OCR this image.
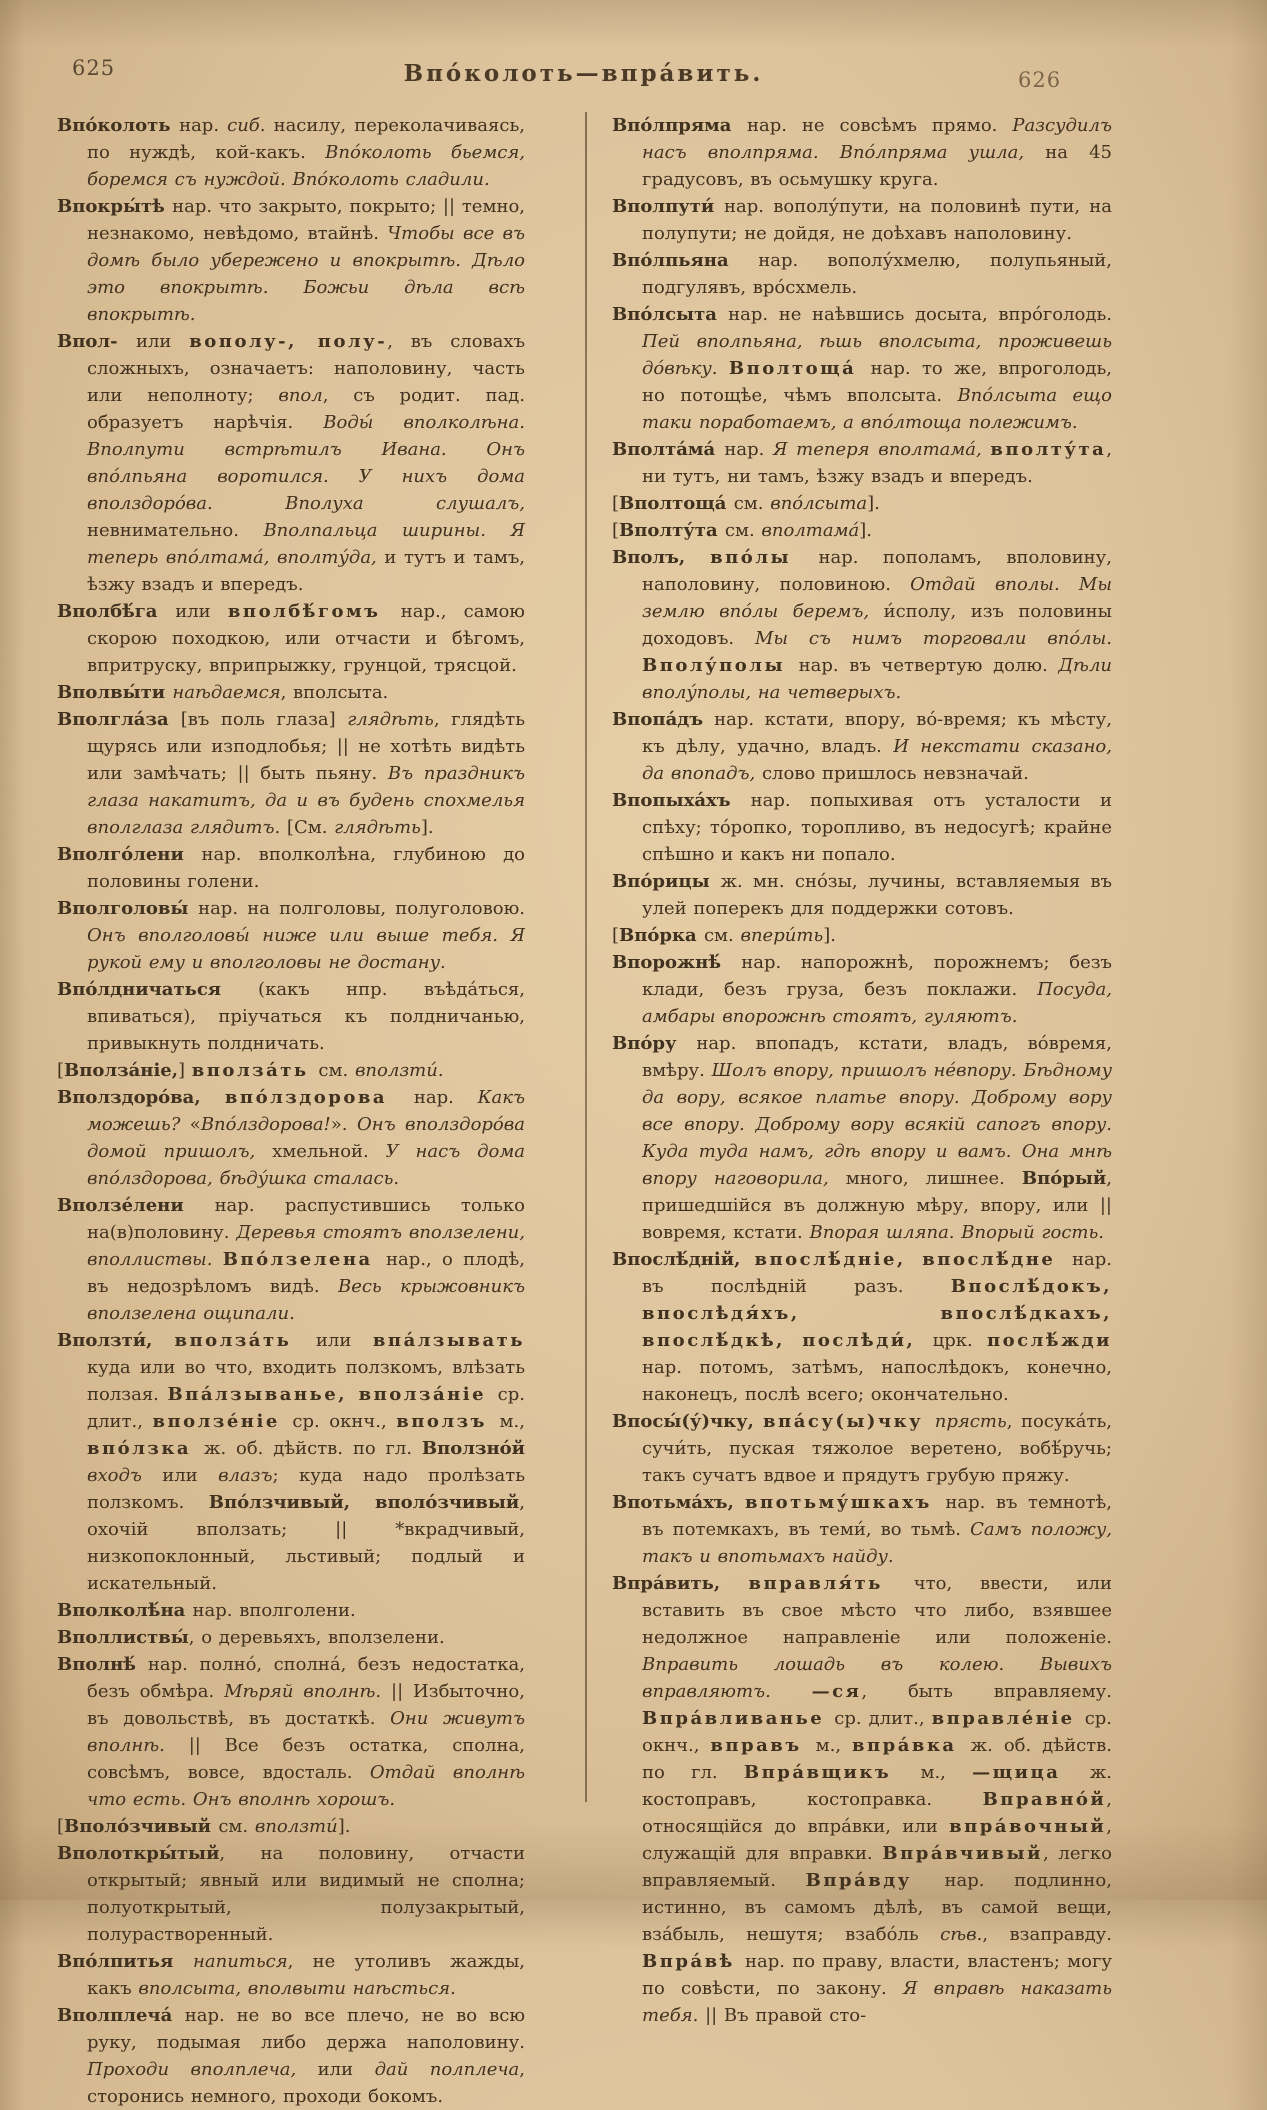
625	Впо́колоть—впра́вить.	626

Впо́колоть нар. сиб. насилу, переколачиваясь, по нуждѣ, кой-какъ. Впо́колоть бьемся, боремся съ нуждой. Впо́колоть сладили.

Впокры́тѣ нар. что закрыто, покрыто; || темно, незнакомо, невѣдомо, втайнѣ. Чтобы все въ домѣ было убережено и впокрытѣ. Дѣло это впокрытѣ. Божьи дѣла всѣ впокрытѣ.

Впол- или вополу-, полу-, въ словахъ сложныхъ, означаетъ: наполовину, часть или неполноту; впол, съ родит. пад. образуетъ нарѣчія. Воды́ вполколѣна. Вполпути встрѣтилъ Ивана. Онъ впо́лпьяна воротился. У нихъ дома вполздоро́ва. Вполуха слушалъ, невнимательно. Вполпальца ширины. Я теперь впо́лтама́, вполту́да, и тутъ и тамъ, ѣзжу взадъ и впередъ.

Вполбѣ́га или вполбѣ́гомъ нар., самою скорою походкою, или отчасти и бѣгомъ, впритруску, вприпрыжку, грунцой, трясцой.

Вполвы́ти наѣдаемся, вполсыта.

Вполгла́за [въ поль глаза] глядѣть, глядѣть щурясь или изподлобья; || не хотѣть видѣть или замѣчать; || быть пьяну. Въ праздникъ глаза накатитъ, да и въ будень спохмелья вполглаза глядитъ. [См. глядѣть].

Вполго́лени нар. вполколѣна, глубиною до половины голени.

Вполголовы́ нар. на полголовы, полуголовою. Онъ вполголовы́ ниже или выше тебя. Я рукой ему и вполголовы не достану.

Впо́лдничаться (какъ нпр. въѣда́ться, впиваться), пріучаться къ полдничанью, привыкнуть полдничать.

[Вполза́ніе,] вполза́ть см. вползти́.

Вполздоро́ва, впо́лздорова нар. Какъ можешь? «Впо́лздорова!». Онъ вполздоро́ва домой пришолъ, хмельной. У насъ дома впо́лздорова, бѣду́шка сталась.

Вползе́лени нар. распустившись только на(в)половину. Деревья стоятъ вползелени, вполлиствы. Впо́лзелена нар., о плодѣ, въ недозрѣломъ видѣ. Весь крыжовникъ вползелена ощипали.

Вползти́, вполза́ть или впа́лзывать куда или во что, входить ползкомъ, влѣзать ползая. Впа́лзыванье, вполза́ніе ср. длит., вползе́ніе ср. окнч., вползъ м., впо́лзка ж. об. дѣйств. по гл. Вползно́й входъ или влазъ; куда надо пролѣзать ползкомъ. Впо́лзчивый, вполо́зчивый, охочій вползать; || *вкрадчивый, низкопоклонный, льстивый; подлый и искательный.

Вполколѣ́на нар. вполголени.

Вполлиствы́, о деревьяхъ, вползелени.

Вполнѣ́ нар. полно́, сполна́, безъ недостатка, безъ обмѣра. Мѣряй вполнѣ. || Избыточно, въ довольствѣ, въ достаткѣ. Они живутъ вполнѣ. || Все безъ остатка, сполна, совсѣмъ, вовсе, вдосталь. Отдай вполнѣ что есть. Онъ вполнѣ хорошъ.

[Вполо́зчивый см. вползти́].

Вполоткры́тый, на половину, отчасти открытый; явный или видимый не сполна; полуоткрытый, полузакрытый, полурастворенный.

Впо́лпитья напиться, не утоливъ жажды, какъ вполсыта, вполвыти наѣсться.

Вполплеча́ нар. не во все плечо, не во всю руку, подымая либо держа наполовину. Проходи вполплеча, или дай полплеча, сторонись немного, проходи бокомъ.

Впо́лпряма нар. не совсѣмъ прямо. Разсудилъ насъ вполпряма. Впо́лпряма ушла, на 45 градусовъ, въ осьмушку круга.

Вполпути́ нар. вополу́пути, на половинѣ пути, на полупути; не дойдя, не доѣхавъ наполовину.

Впо́лпьяна нар. вополу́хмелю, полупьяный, подгулявъ, вро́схмель.

Впо́лсыта нар. не наѣвшись досыта, впро́голодь. Пей вполпьяна, ѣшь вполсыта, проживешь до́вѣку. Вполтоща́ нар. то же, впроголодь, но потощѣе, чѣмъ вполсыта. Впо́лсыта ещо таки поработаемъ, а впо́лтоща полежимъ.

Вполта́ма́ нар. Я теперя вполтама́, вполту́та, ни тутъ, ни тамъ, ѣзжу взадъ и впередъ.

[Вполтоща́ см. впо́лсыта].

[Вполту́та см. вполтама́].

Вполъ, впо́лы нар. пополамъ, вполовину, наполовину, половиною. Отдай вполы. Мы землю впо́лы беремъ, и́сполу, изъ половины доходовъ. Мы съ нимъ торговали впо́лы. Вполу́полы нар. въ четвертую долю. Дѣли вполу́полы, на четверыхъ.

Впопа́дъ нар. кстати, впору, во́-время; къ мѣсту, къ дѣлу, удачно, владъ. И некстати сказано, да впопадъ, слово пришлось невзначай.

Впопыха́хъ нар. попыхивая отъ усталости и спѣху; то́ропко, торопливо, въ недосугѣ; крайне спѣшно и какъ ни попало.

Впо́рицы ж. мн. сно́зы, лучины, вставляемыя въ улей поперекъ для поддержки сотовъ.

[Впо́рка см. впери́ть].

Впорожнѣ́ нар. напорожнѣ, порожнемъ; безъ клади, безъ груза, безъ поклажи. Посуда, амбары впорожнѣ стоятъ, гуляютъ.

Впо́ру нар. впопадъ, кстати, владъ, во́время, вмѣру. Шолъ впору, пришолъ не́впору. Бѣдному да вору, всякое платье впору. Доброму вору все впору. Доброму вору всякій сапогъ впору. Куда туда намъ, гдѣ впору и вамъ. Она мнѣ впору наговорила, много, лишнее. Впо́рый, пришедшійся въ должную мѣру, впору, или || вовремя, кстати. Впорая шляпа. Впорый гость.

Впослѣ́дній, впослѣ́дніе, впослѣ́дне нар. въ послѣдній разъ. Впослѣ́докъ, впослѣдя́хъ, впослѣ́дкахъ, впослѣ́дкѣ, послѣди́, црк. послѣ́жди нар. потомъ, затѣмъ, напослѣдокъ, конечно, наконецъ, послѣ всего; окончательно.

Впосы́(у́)чку, впа́су(ы)чку прясть, посука́ть, сучи́ть, пуская тяжолое веретено, вобѣ́ручь; такъ сучатъ вдвое и прядутъ грубую пряжу.

Впотьма́хъ, впотьму́шкахъ нар. въ темнотѣ, въ потемкахъ, въ теми́, во тьмѣ. Самъ положу, такъ и впотьмахъ найду.

Впра́вить, вправля́ть что, ввести, или вставить въ свое мѣсто что либо, взявшее недолжное направленіе или положеніе. Вправить лошадь въ колею. Вывихъ вправляютъ. —ся, быть вправляему. Впра́вливанье ср. длит., вправле́ніе ср. окнч., вправъ м., впра́вка ж. об. дѣйств. по гл. Впра́вщикъ м., —щица ж. костоправъ, костоправка. Вправно́й, относящійся до впра́вки, или впра́вочный, служащій для вправки. Впра́вчивый, легко вправляемый. Впра́вду нар. подлинно, истинно, въ самомъ дѣлѣ, въ самой вещи, вза́быль, нешутя; взабо́ль сѣв., взаправду. Впра́вѣ нар. по праву, власти, властенъ; могу по совѣсти, по закону. Я вправѣ наказать тебя. || Въ правой сто-
